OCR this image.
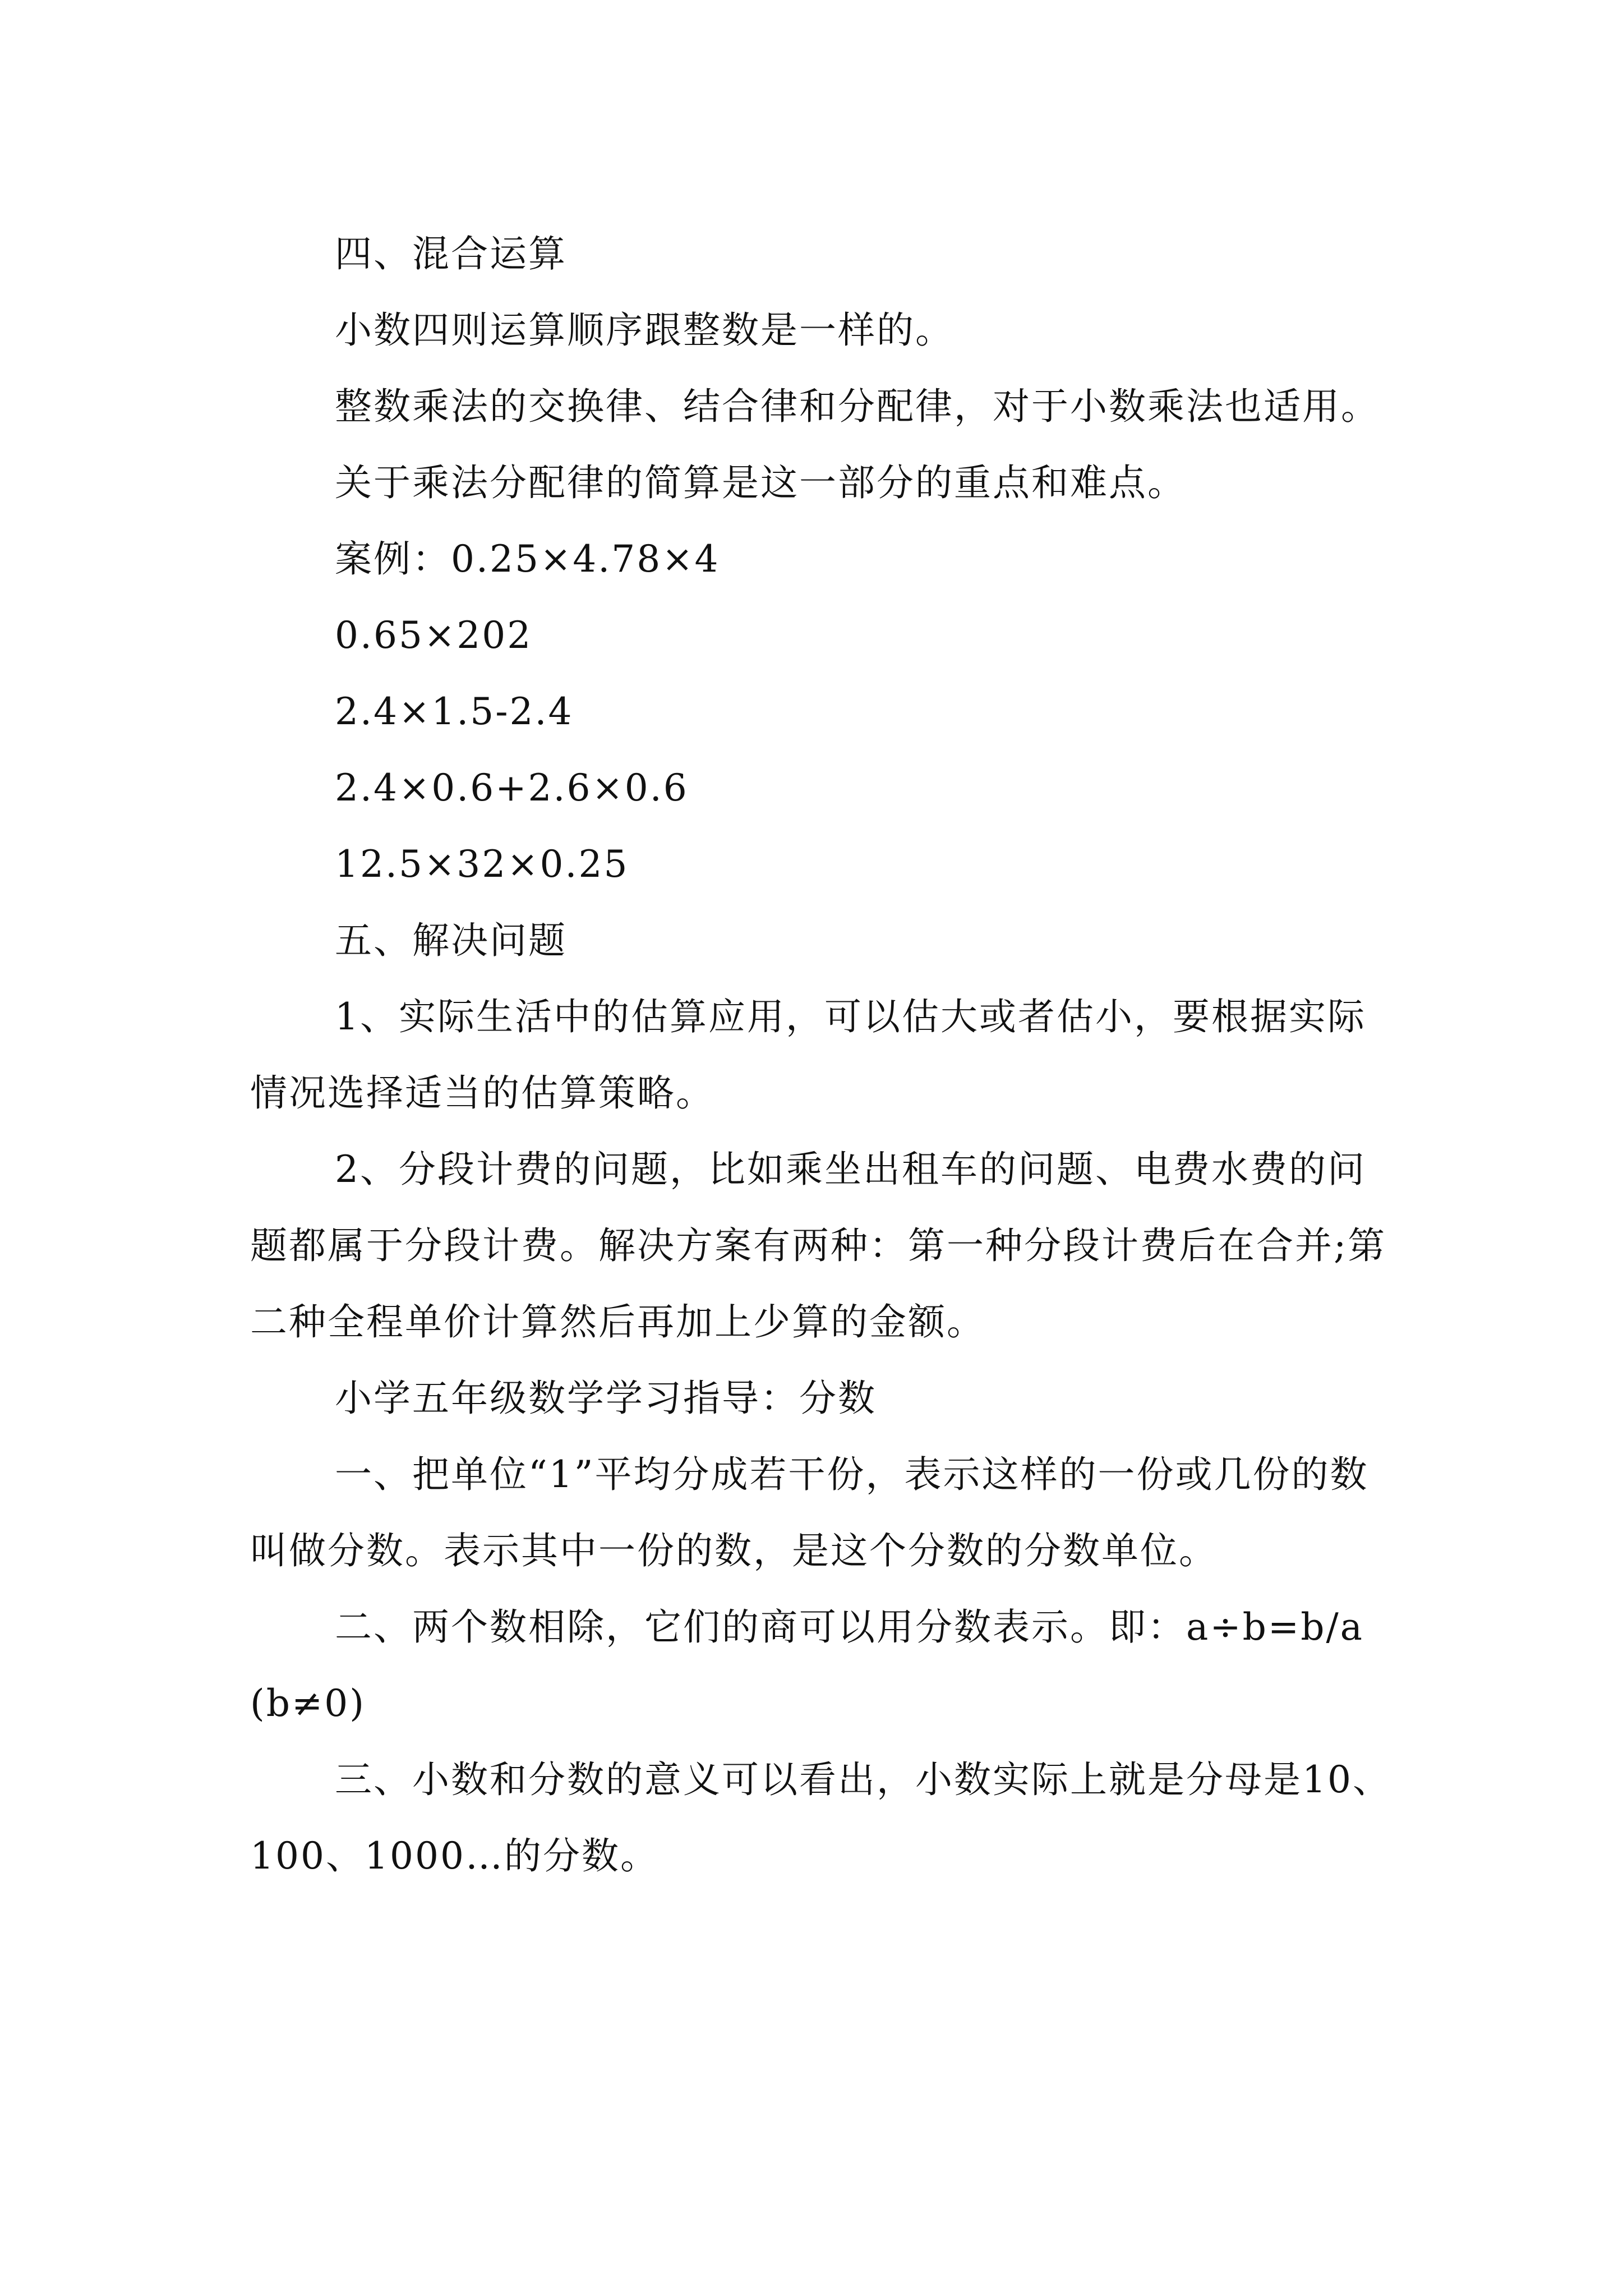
四、混合运算

小数四则运算顺序跟整数是一样的。

整数乘法的交换律、结合律和分配律，对于小数乘法也适用。

关于乘法分配律的简算是这一部分的重点和难点。

案例：0.25×4.78×4

0.65×202

2.4×1.5-2.4

2.4×0.6+2.6×0.6

12.5×32×0.25

五、解决问题

1、实际生活中的估算应用，可以估大或者估小，要根据实际情况选择适当的估算策略。

2、分段计费的问题，比如乘坐出租车的问题、电费水费的问题都属于分段计费。解决方案有两种：第一种分段计费后在合并;第二种全程单价计算然后再加上少算的金额。

小学五年级数学学习指导：分数

一、把单位“1”平均分成若干份，表示这样的一份或几份的数叫做分数。表示其中一份的数，是这个分数的分数单位。

二、两个数相除，它们的商可以用分数表示。即：a÷b=b/a(b≠0)

三、小数和分数的意义可以看出，小数实际上就是分母是10、100、1000…的分数。
